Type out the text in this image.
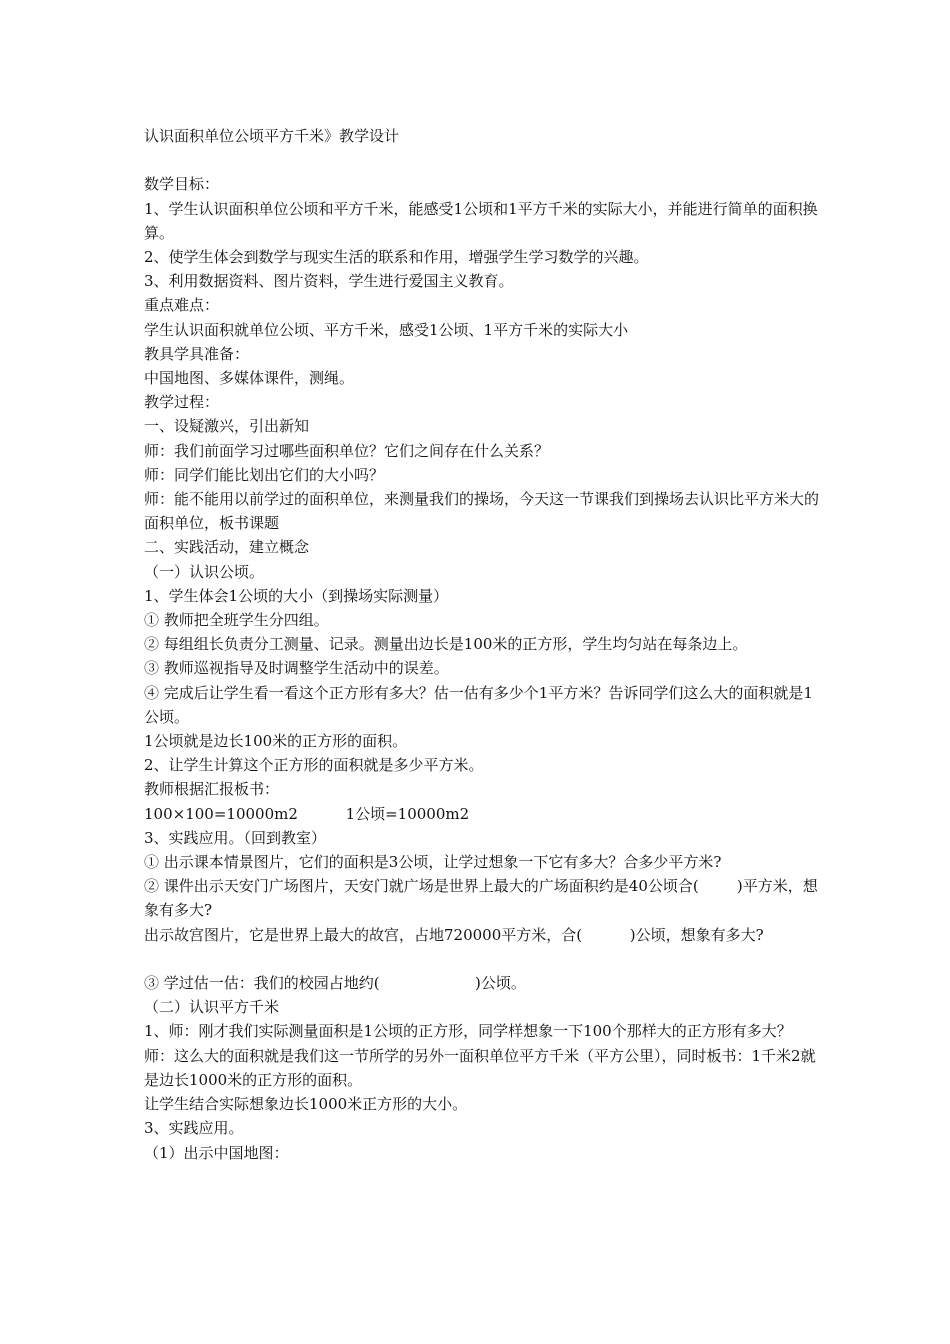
认识面积单位公顷平方千米》教学设计

数学目标：

1、学生认识面积单位公顷和平方千米，能感受1公顷和1平方千米的实际大小，并能进行简单的面积换算。

2、使学生体会到数学与现实生活的联系和作用，增强学生学习数学的兴趣。

3、利用数据资料、图片资料，学生进行爱国主义教育。

重点难点：

学生认识面积就单位公顷、平方千米，感受1公顷、1平方千米的实际大小

教具学具准备：

中国地图、多媒体课件，测绳。

教学过程：

一、设疑激兴，引出新知

师：我们前面学习过哪些面积单位？它们之间存在什么关系？

师：同学们能比划出它们的大小吗？

师：能不能用以前学过的面积单位，来测量我们的操场，今天这一节课我们到操场去认识比平方米大的面积单位，板书课题

二、实践活动，建立概念

（一）认识公顷。

1、学生体会1公顷的大小（到操场实际测量）

① 教师把全班学生分四组。

② 每组组长负责分工测量、记录。测量出边长是100米的正方形，学生均匀站在每条边上。

③ 教师巡视指导及时调整学生活动中的误差。

④ 完成后让学生看一看这个正方形有多大？估一估有多少个1平方米？告诉同学们这么大的面积就是1公顷。

1公顷就是边长100米的正方形的面积。

2、让学生计算这个正方形的面积就是多少平方米。

教师根据汇报板书：

100×100=10000m2          1公顷=10000m2

3、实践应用。（回到教室）

① 出示课本情景图片，它们的面积是3公顷，让学过想象一下它有多大？合多少平方米?

② 课件出示天安门广场图片，天安门就广场是世界上最大的广场面积约是40公顷合(        )平方米，想象有多大?

出示故宫图片，它是世界上最大的故宫，占地720000平方米，合(          )公顷，想象有多大?

③ 学过估一估：我们的校园占地约(                    )公顷。

（二）认识平方千米

1、师：刚才我们实际测量面积是1公顷的正方形，同学样想象一下100个那样大的正方形有多大？

师：这么大的面积就是我们这一节所学的另外一面积单位平方千米（平方公里），同时板书：1千米2就是边长1000米的正方形的面积。

让学生结合实际想象边长1000米正方形的大小。

3、实践应用。

（1）出示中国地图：
